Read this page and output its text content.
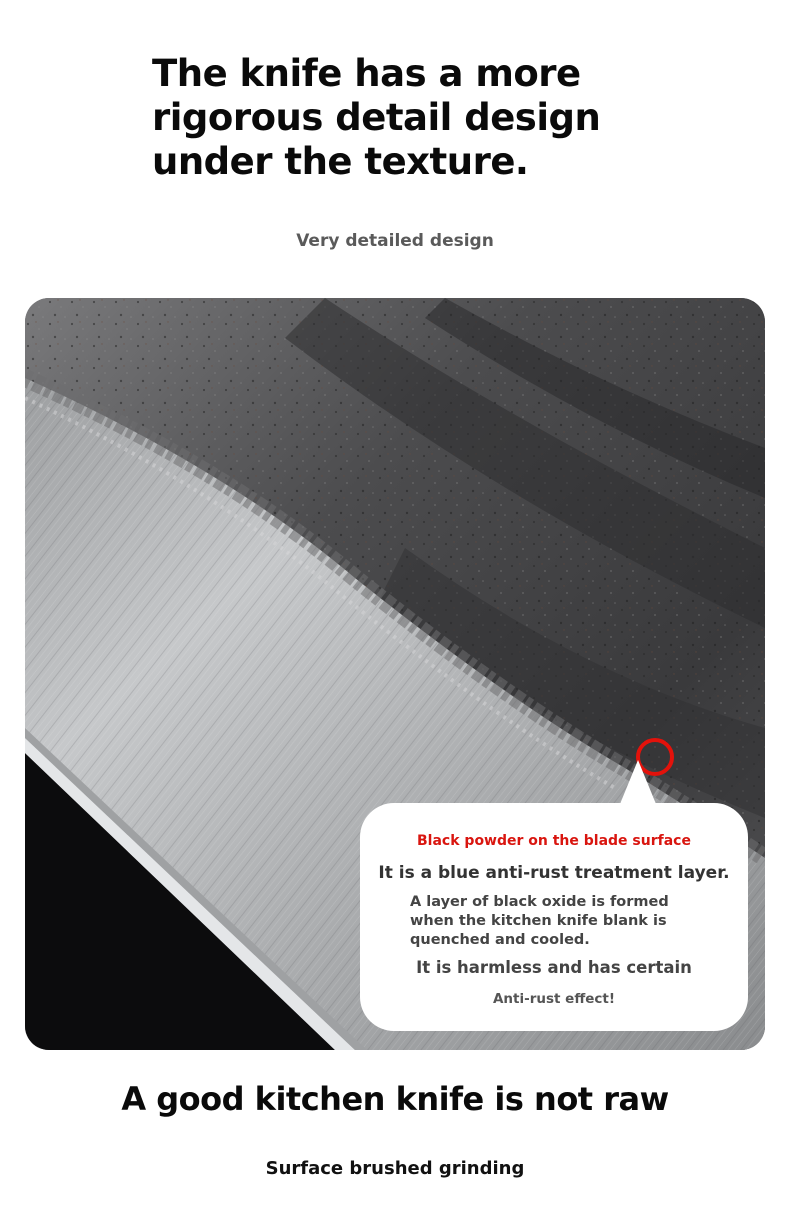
The knife has a more
rigorous detail design
under the texture.
Very detailed design
Black powder on the blade surface
It is a blue anti-rust treatment layer.
A layer of black oxide is formed
when the kitchen knife blank is
quenched and cooled.
It is harmless and has certain
Anti-rust effect!
A good kitchen knife is not raw
Surface brushed grinding
